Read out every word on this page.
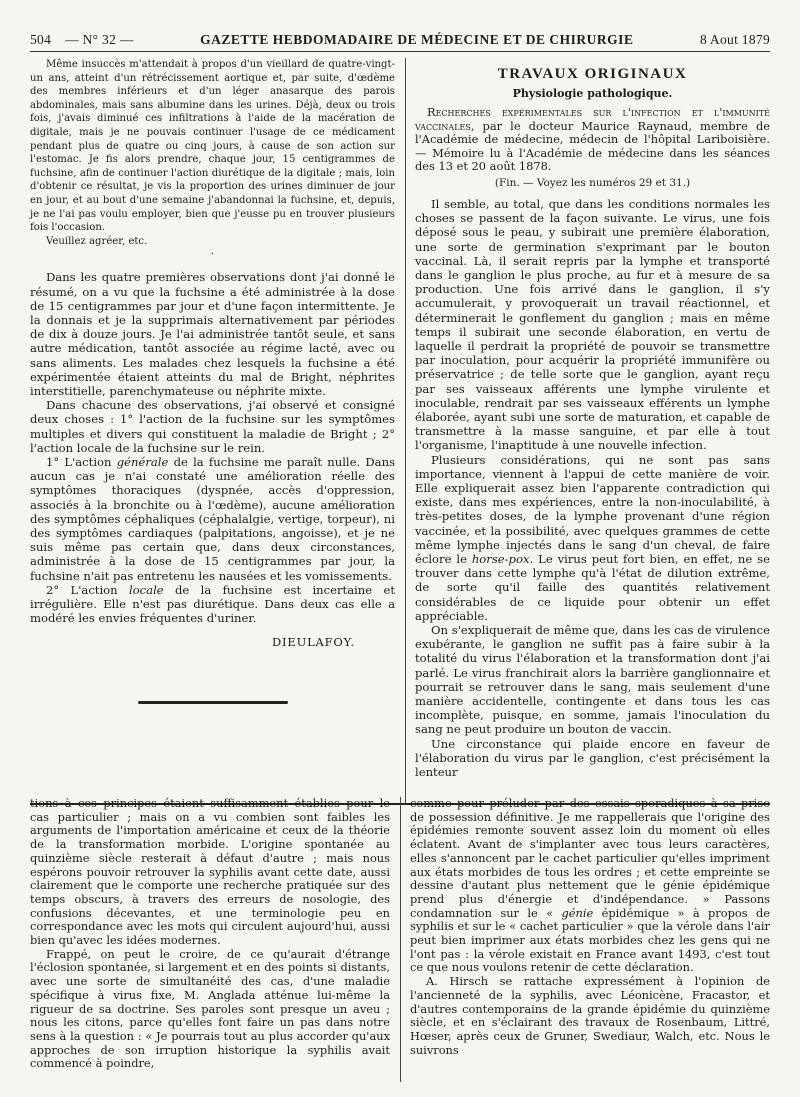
504 — N° 32 —	GAZETTE HEBDOMADAIRE DE MÉDECINE ET DE CHIRURGIE	8 Aout 1879

Même insuccès m'attendait à propos d'un vieillard de quatre-vingt-un ans, atteint d'un rétrécissement aortique et, par suite, d'œdème des membres inférieurs et d'un léger anasarque des parois abdominales, mais sans albumine dans les urines. Déjà, deux ou trois fois, j'avais diminué ces infiltrations à l'aide de la macération de digitale, mais je ne pouvais continuer l'usage de ce médicament pendant plus de quatre ou cinq jours, à cause de son action sur l'estomac. Je fis alors prendre, chaque jour, 15 centigrammes de fuchsine, afin de continuer l'action diurétique de la digitale ; mais, loin d'obtenir ce résultat, je vis la proportion des urines diminuer de jour en jour, et au bout d'une semaine j'abandonnai la fuchsine, et, depuis, je ne l'ai pas voulu employer, bien que j'eusse pu en trouver plusieurs fois l'occasion.

Veuillez agréer, etc.

·

Dans les quatre premières observations dont j'ai donné le résumé, on a vu que la fuchsine a été administrée à la dose de 15 centigrammes par jour et d'une façon intermittente. Je la donnais et je la supprimais alternativement par périodes de dix à douze jours. Je l'ai administrée tantôt seule, et sans autre médication, tantôt associée au régime lacté, avec ou sans aliments. Les malades chez lesquels la fuchsine a été expérimentée étaient atteints du mal de Bright, néphrites interstitielle, parenchymateuse ou néphrite mixte.

Dans chacune des observations, j'ai observé et consigné deux choses : 1° l'action de la fuchsine sur les symptômes multiples et divers qui constituent la maladie de Bright ; 2° l'action locale de la fuchsine sur le rein.

1° L'action générale de la fuchsine me paraît nulle. Dans aucun cas je n'ai constaté une amélioration réelle des symptômes thoraciques (dyspnée, accès d'oppression, associés à la bronchite ou à l'œdème), aucune amélioration des symptômes céphaliques (céphalalgie, vertige, torpeur), ni des symptômes cardiaques (palpitations, angoisse), et je ne suis même pas certain que, dans deux circonstances, administrée à la dose de 15 centigrammes par jour, la fuchsine n'ait pas entretenu les nausées et les vomissements.

2° L'action locale de la fuchsine est incertaine et irrégulière. Elle n'est pas diurétique. Dans deux cas elle a modéré les envies fréquentes d'uriner.

DIEULAFOY.
TRAVAUX ORIGINAUX
Physiologie pathologique.

Recherches expérimentales sur l'infection et l'immunité vaccinales, par le docteur Maurice Raynaud, membre de l'Académie de médecine, médecin de l'hôpital Lariboisière. — Mémoire lu à l'Académie de médecine dans les séances des 13 et 20 août 1878.

(Fin. — Voyez les numéros 29 et 31.)

Il semble, au total, que dans les conditions normales les choses se passent de la façon suivante. Le virus, une fois déposé sous le peau, y subirait une première élaboration, une sorte de germination s'exprimant par le bouton vaccinal. Là, il serait repris par la lymphe et transporté dans le ganglion le plus proche, au fur et à mesure de sa production. Une fois arrivé dans le ganglion, il s'y accumulerait, y provoquerait un travail réactionnel, et déterminerait le gonflement du ganglion ; mais en même temps il subirait une seconde élaboration, en vertu de laquelle il perdrait la propriété de pouvoir se transmettre par inoculation, pour acquérir la propriété immunifère ou préservatrice ; de telle sorte que le ganglion, ayant reçu par ses vaisseaux afférents une lymphe virulente et inoculable, rendrait par ses vaisseaux efférents un lymphe élaborée, ayant subi une sorte de maturation, et capable de transmettre à la masse sanguine, et par elle à tout l'organisme, l'inaptitude à une nouvelle infection.

Plusieurs considérations, qui ne sont pas sans importance, viennent à l'appui de cette manière de voir. Elle expliquerait assez bien l'apparente contradiction qui existe, dans mes expériences, entre la non-inoculabilité, à très-petites doses, de la lymphe provenant d'une région vaccinée, et la possibilité, avec quelques grammes de cette même lymphe injectés dans le sang d'un cheval, de faire éclore le horse-pox. Le virus peut fort bien, en effet, ne se trouver dans cette lymphe qu'à l'état de dilution extrême, de sorte qu'il faille des quantités relativement considérables de ce liquide pour obtenir un effet appréciable.

On s'expliquerait de même que, dans les cas de virulence exubérante, le ganglion ne suffit pas à faire subir à la totalité du virus l'élaboration et la transformation dont j'ai parlé. Le virus franchirait alors la barrière ganglionnaire et pourrait se retrouver dans le sang, mais seulement d'une manière accidentelle, contingente et dans tous les cas incomplète, puisque, en somme, jamais l'inoculation du sang ne peut produire un bouton de vaccin.

Une circonstance qui plaide encore en faveur de l'élaboration du virus par le ganglion, c'est précisément la lenteur

tions à ces principes étaient suffisamment établies pour le cas particulier ; mais on a vu combien sont faibles les arguments de l'importation américaine et ceux de la théorie de la transformation morbide. L'origine spontanée au quinzième siècle resterait à défaut d'autre ; mais nous espérons pouvoir retrouver la syphilis avant cette date, aussi clairement que le comporte une recherche pratiquée sur des temps obscurs, à travers des erreurs de nosologie, des confusions décevantes, et une terminologie peu en correspondance avec les mots qui circulent aujourd'hui, aussi bien qu'avec les idées modernes.

Frappé, on peut le croire, de ce qu'aurait d'étrange l'éclosion spontanée, si largement et en des points si distants, avec une sorte de simultanéité des cas, d'une maladie spécifique à virus fixe, M. Anglada atténue lui-même la rigueur de sa doctrine. Ses paroles sont presque un aveu ; nous les citons, parce qu'elles font faire un pas dans notre sens à la question : « Je pourrais tout au plus accorder qu'aux approches de son irruption historique la syphilis avait commencé à poindre,

comme pour préluder par des essais sporadiques à sa prise de possession définitive. Je me rappellerais que l'origine des épidémies remonte souvent assez loin du moment où elles éclatent. Avant de s'implanter avec tous leurs caractères, elles s'annoncent par le cachet particulier qu'elles impriment aux états morbides de tous les ordres ; et cette empreinte se dessine d'autant plus nettement que le génie épidémique prend plus d'énergie et d'indépendance. » Passons condamnation sur le « génie épidémique » à propos de syphilis et sur le « cachet particulier » que la vérole dans l'air peut bien imprimer aux états morbides chez les gens qui ne l'ont pas : la vérole existait en France avant 1493, c'est tout ce que nous voulons retenir de cette déclaration.

A. Hirsch se rattache expressément à l'opinion de l'ancienneté de la syphilis, avec Léonicène, Fracastor, et d'autres contemporains de la grande épidémie du quinzième siècle, et en s'éclairant des travaux de Rosenbaum, Littré, Hœser, après ceux de Gruner, Swediaur, Walch, etc. Nous le suivrons
